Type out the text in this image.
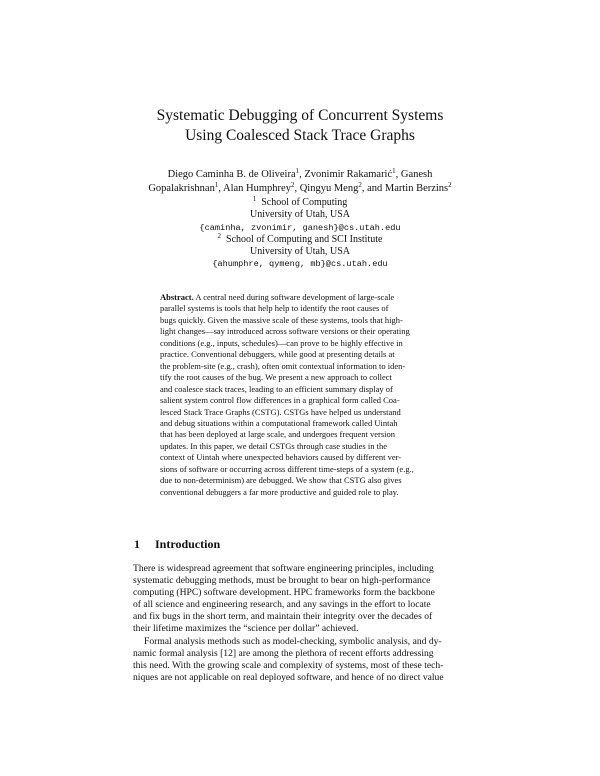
Systematic Debugging of Concurrent Systems
Using Coalesced Stack Trace Graphs
Diego Caminha B. de Oliveira$^1$, Zvonimir Rakamarić$^1$, Ganesh
Gopalakrishnan$^1$, Alan Humphrey$^2$, Qingyu Meng$^2$, and Martin Berzins$^2$
$^1$ School of Computing
University of Utah, USA
{caminha, zvonimir, ganesh}@cs.utah.edu
$^2$ School of Computing and SCI Institute
University of Utah, USA
{ahumphre, qymeng, mb}@cs.utah.edu
Abstract. A central need during software development of large-scale
parallel systems is tools that help help to identify the root causes of
bugs quickly. Given the massive scale of these systems, tools that high-
light changes—say introduced across software versions or their operating
conditions (e.g., inputs, schedules)—can prove to be highly effective in
practice. Conventional debuggers, while good at presenting details at
the problem-site (e.g., crash), often omit contextual information to iden-
tify the root causes of the bug. We present a new approach to collect
and coalesce stack traces, leading to an efficient summary display of
salient system control flow differences in a graphical form called Coa-
lesced Stack Trace Graphs (CSTG). CSTGs have helped us understand
and debug situations within a computational framework called Uintah
that has been deployed at large scale, and undergoes frequent version
updates. In this paper, we detail CSTGs through case studies in the
context of Uintah where unexpected behaviors caused by different ver-
sions of software or occurring across different time-steps of a system (e.g.,
due to non-determinism) are debugged. We show that CSTG also gives
conventional debuggers a far more productive and guided role to play.
1 Introduction
There is widespread agreement that software engineering principles, including
systematic debugging methods, must be brought to bear on high-performance
computing (HPC) software development. HPC frameworks form the backbone
of all science and engineering research, and any savings in the effort to locate
and fix bugs in the short term, and maintain their integrity over the decades of
their lifetime maximizes the “science per dollar” achieved.
Formal analysis methods such as model-checking, symbolic analysis, and dy-
namic formal analysis [12] are among the plethora of recent efforts addressing
this need. With the growing scale and complexity of systems, most of these tech-
niques are not applicable on real deployed software, and hence of no direct value
